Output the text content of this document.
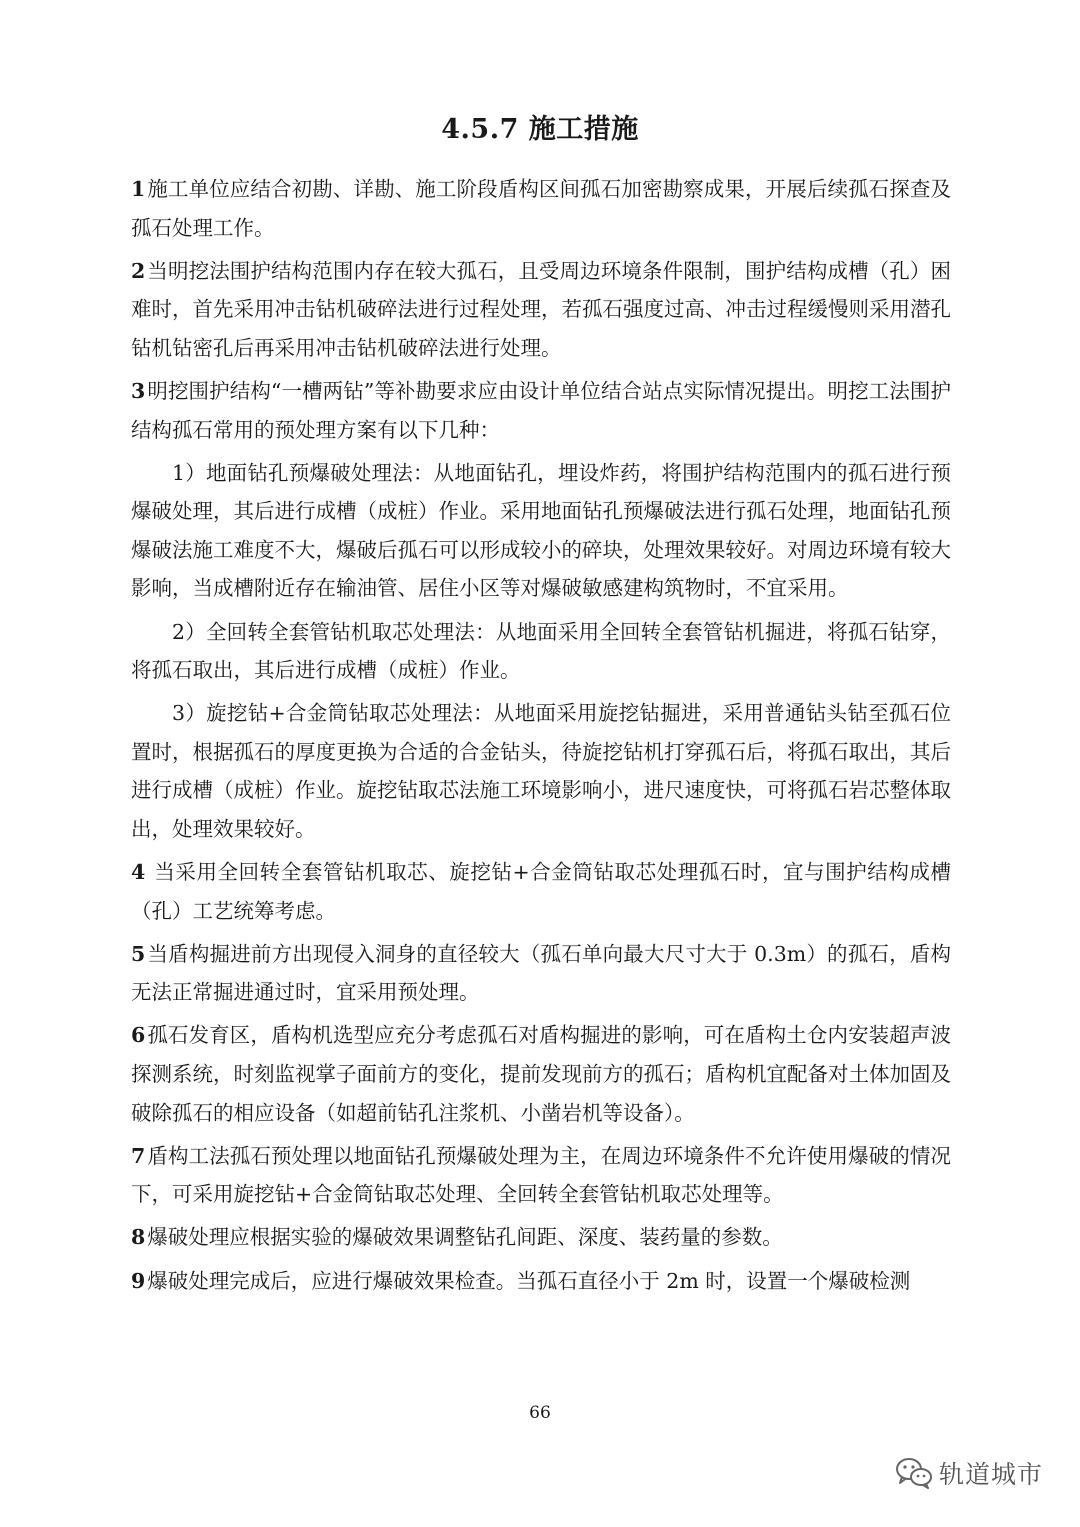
4.5.7 施工措施

1施工单位应结合初勘、详勘、施工阶段盾构区间孤石加密勘察成果，开展后续孤石探查及孤石处理工作。

2当明挖法围护结构范围内存在较大孤石，且受周边环境条件限制，围护结构成槽（孔）困难时，首先采用冲击钻机破碎法进行过程处理，若孤石强度过高、冲击过程缓慢则采用潜孔钻机钻密孔后再采用冲击钻机破碎法进行处理。

3明挖围护结构“一槽两钻”等补勘要求应由设计单位结合站点实际情况提出。明挖工法围护结构孤石常用的预处理方案有以下几种：

1）地面钻孔预爆破处理法：从地面钻孔，埋设炸药，将围护结构范围内的孤石进行预爆破处理，其后进行成槽（成桩）作业。采用地面钻孔预爆破法进行孤石处理，地面钻孔预爆破法施工难度不大，爆破后孤石可以形成较小的碎块，处理效果较好。对周边环境有较大影响，当成槽附近存在输油管、居住小区等对爆破敏感建构筑物时，不宜采用。

2）全回转全套管钻机取芯处理法：从地面采用全回转全套管钻机掘进，将孤石钻穿，将孤石取出，其后进行成槽（成桩）作业。

3）旋挖钻+合金筒钻取芯处理法：从地面采用旋挖钻掘进，采用普通钻头钻至孤石位置时，根据孤石的厚度更换为合适的合金钻头，待旋挖钻机打穿孤石后，将孤石取出，其后进行成槽（成桩）作业。旋挖钻取芯法施工环境影响小，进尺速度快，可将孤石岩芯整体取出，处理效果较好。

4 当采用全回转全套管钻机取芯、旋挖钻+合金筒钻取芯处理孤石时，宜与围护结构成槽（孔）工艺统筹考虑。

5当盾构掘进前方出现侵入洞身的直径较大（孤石单向最大尺寸大于 0.3m）的孤石，盾构无法正常掘进通过时，宜采用预处理。

6孤石发育区，盾构机选型应充分考虑孤石对盾构掘进的影响，可在盾构土仓内安装超声波探测系统，时刻监视掌子面前方的变化，提前发现前方的孤石；盾构机宜配备对土体加固及破除孤石的相应设备（如超前钻孔注浆机、小凿岩机等设备）。

7盾构工法孤石预处理以地面钻孔预爆破处理为主，在周边环境条件不允许使用爆破的情况下，可采用旋挖钻+合金筒钻取芯处理、全回转全套管钻机取芯处理等。

8爆破处理应根据实验的爆破效果调整钻孔间距、深度、装药量的参数。

9爆破处理完成后，应进行爆破效果检查。当孤石直径小于 2m 时，设置一个爆破检测

66
轨道城市
